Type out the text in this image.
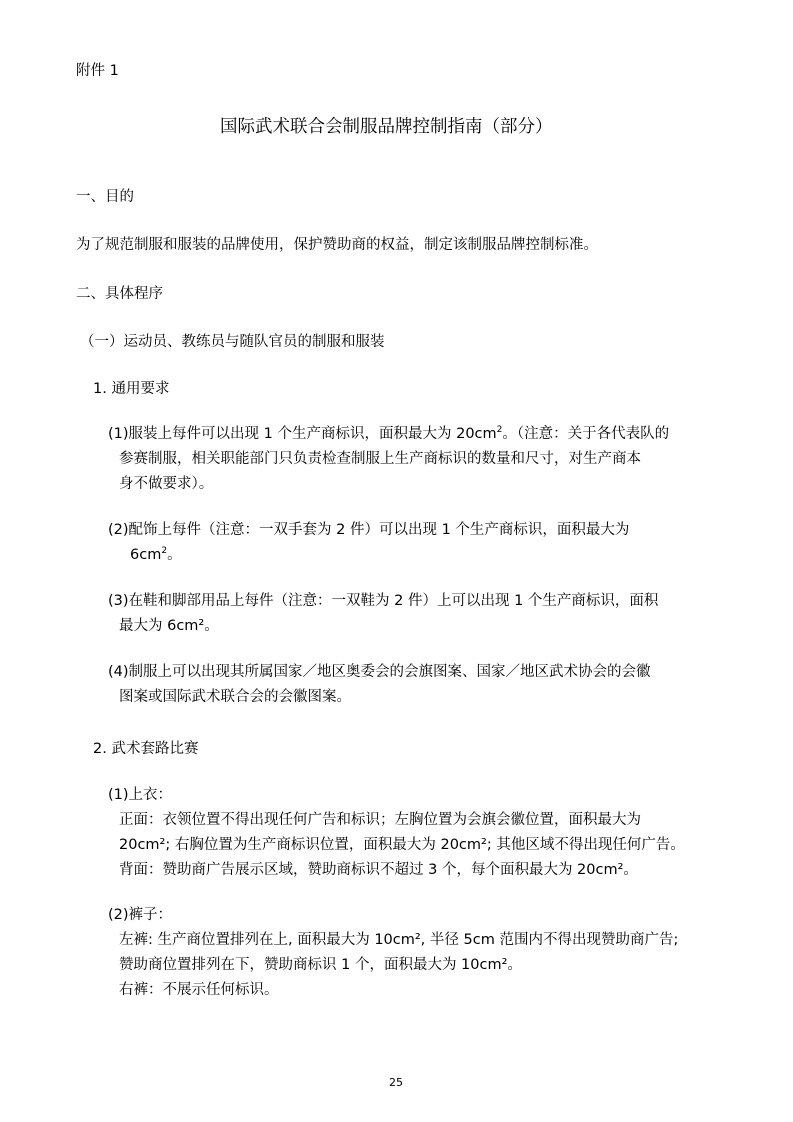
附件 1
国际武术联合会制服品牌控制指南（部分）
一、目的
为了规范制服和服装的品牌使用，保护赞助商的权益，制定该制服品牌控制标准。
二、具体程序
（一）运动员、教练员与随队官员的制服和服装
1. 通用要求
(1)服装上每件可以出现 1 个生产商标识，面积最大为 $20cm^2$。（注意：关于各代表队的
参赛制服，相关职能部门只负责检查制服上生产商标识的数量和尺寸，对生产商本
身不做要求）。
(2)配饰上每件（注意：一双手套为 2 件）可以出现 1 个生产商标识，面积最大为
$6cm^2$。
(3)在鞋和脚部用品上每件（注意：一双鞋为 2 件）上可以出现 1 个生产商标识，面积
最大为 6cm²。
(4)制服上可以出现其所属国家／地区奥委会的会旗图案、国家／地区武术协会的会徽
图案或国际武术联合会的会徽图案。
2. 武术套路比赛
(1)上衣：
正面：衣领位置不得出现任何广告和标识；左胸位置为会旗会徽位置，面积最大为
20cm²; 右胸位置为生产商标识位置，面积最大为 20cm²; 其他区域不得出现任何广告。
背面：赞助商广告展示区域，赞助商标识不超过 3 个，每个面积最大为 20cm²。
(2)裤子：
左裤: 生产商位置排列在上, 面积最大为 10cm², 半径 5cm 范围内不得出现赞助商广告;
赞助商位置排列在下，赞助商标识 1 个，面积最大为 10cm²。
右裤：不展示任何标识。
25
